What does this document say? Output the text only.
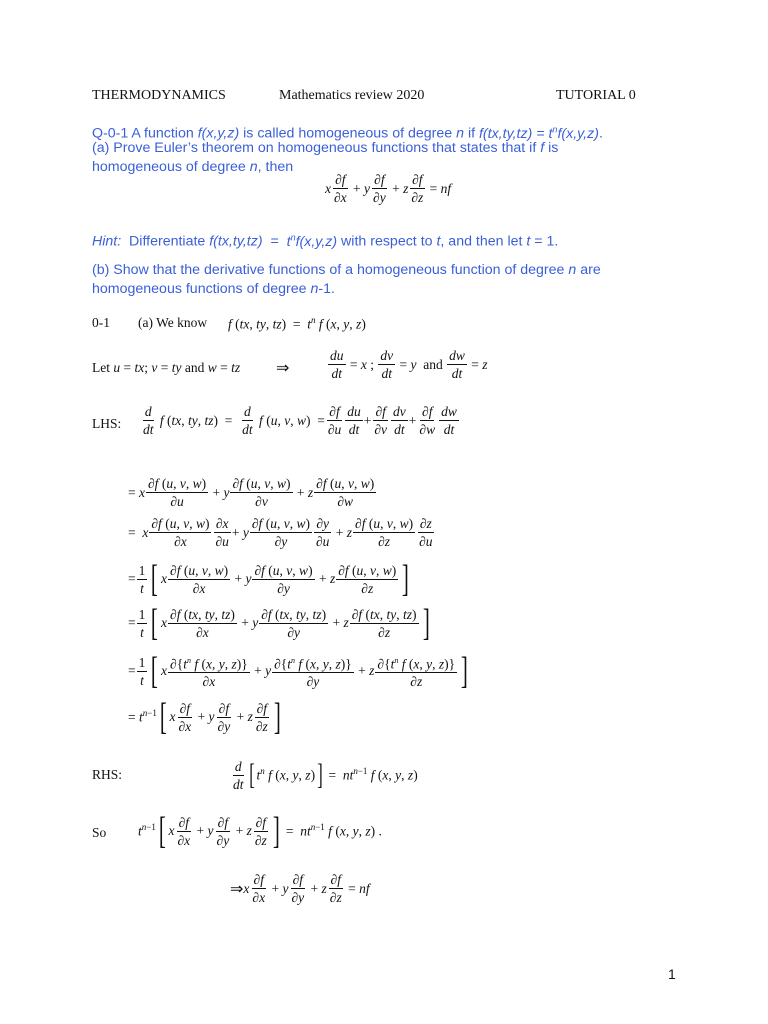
THERMODYNAMICS	Mathematics review 2020	TUTORIAL 0
Q-0-1 A function f(x,y,z) is called homogeneous of degree n if $f(tx,ty,tz) = t^nf(x,y,z)$.
(a) Prove Euler’s theorem on homogeneous functions that states that if f is
homogeneous of degree n, then
x
∂f
∂x
+ y
∂f
∂y
+ z $\frac{\partial f}{\partial z}$ = nf
Hint:  Differentiate $f(tx,ty,tz) = t^nf(x,y,z)$ with respect to t, and then let t = 1.
(b) Show that the derivative functions of a homogeneous function of degree n are
homogeneous functions of degree n-1.
0-1 (a) We know f (tx, ty, $tz) = t^n$ f (x, y, z)
Let u = tx; v = ty and w = tz ⇒	$\frac{du}{dt} = x$ ; $\frac{dv}{dt} = y$  and $\frac{dw}{dt} = z$
LHS:
d
dt
f (tx, ty, $tz) = \frac{d}{dt}$ f (u, v, $w) = \frac{\partial f}{\partial u}$ du
dt
+ $\frac{\partial f}{\partial v}$ dv
dt
+ $\frac{\partial f}{\partial w}$ dw
dt
= x
∂f (u, v, w)
∂u
+ y
∂f (u, v, w)
∂v
+ z
∂f (u, v, w)
∂w
=  x
∂f (u, v, w)
∂x
∂x
∂u
+ y
∂f (u, v, w)
∂y
∂y
∂u
+ z
∂f (u, v, w)
∂z
∂z
∂u
= $\frac{1}{t}$ [ x
∂f (u, v, w)
∂x
+ y
∂f (u, v, w)
∂y
+ z
∂f (u, v, w)
∂z ]
= $\frac{1}{t}$ [ x
∂f (tx, ty, tz)
∂x
+ y
∂f (tx, ty, tz)
∂y
+ z
∂f (tx, ty, tz)
∂z ]
= $\frac{1}{t}$ [ x $\partial\{t^n$ f (x, y, z)}
∂x
+ y $\partial\{t^n$ f (x, y, z)}
∂y
+ z $\partial\{t^n$ f (x, y, z)}
∂z ]
= $t^{n-1}$ [ x
∂f
∂x
+ y
∂f
∂y
+ z
∂f
∂z ]
RHS:
d
dt [ $t^n$ f (x, y, z) ] =  $nt^{n-1}$ f (x, y, z)
So $t^{n-1}$ [ x
∂f
∂x
+ y
∂f
∂y
+ z
∂f
∂z ] =  $nt^{n-1}$ f (x, y, z) .
⇒ x
∂f
∂x
+ y
∂f
∂y
+ z $\frac{\partial f}{\partial z}$ = nf
1
